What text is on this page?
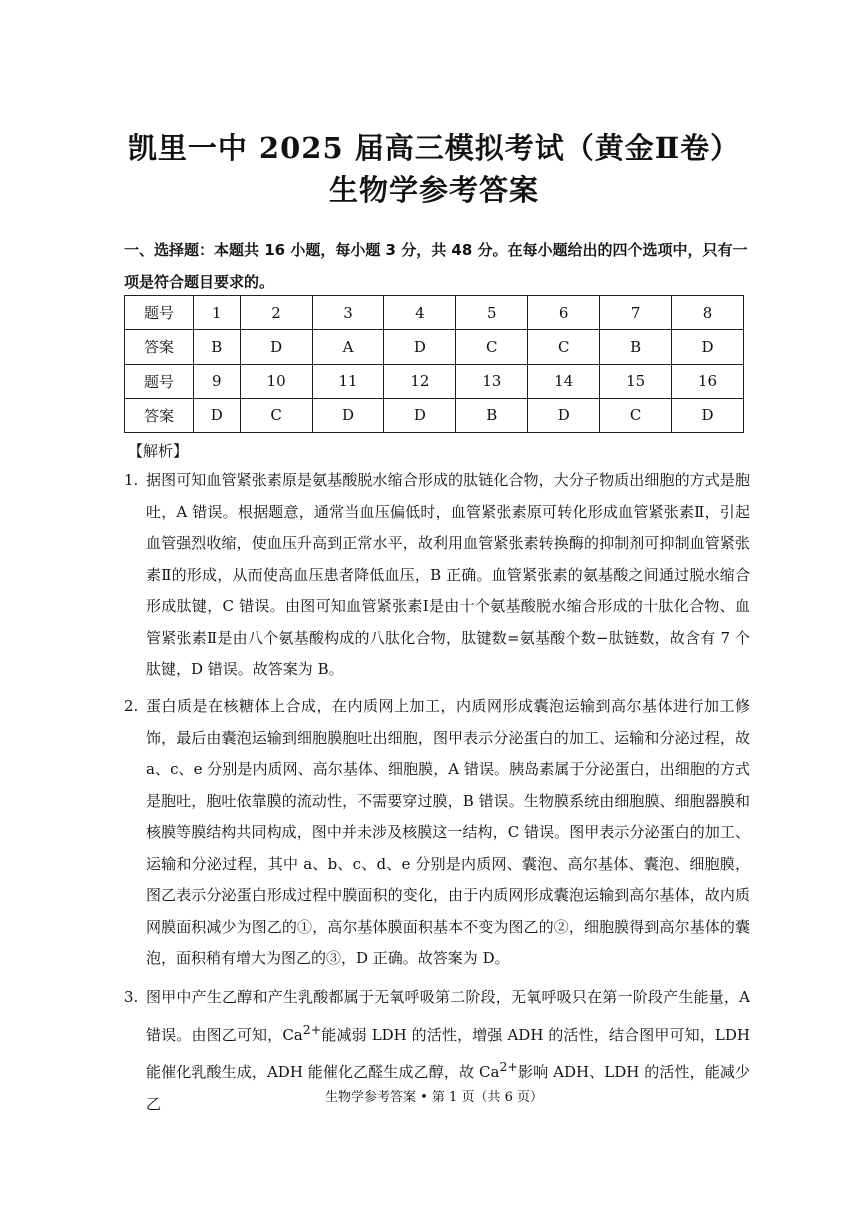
凯里一中 2025 届高三模拟考试（黄金Ⅱ卷）
生物学参考答案
一、选择题：本题共 16 小题，每小题 3 分，共 48 分。在每小题给出的四个选项中，只有一项是符合题目要求的。
题号	1	2	3	4	5	6	7	8
答案	B	D	A	D	C	C	B	D
题号	9	10	11	12	13	14	15	16
答案	D	C	D	D	B	D	C	D
【解析】
1. 据图可知血管紧张素原是氨基酸脱水缩合形成的肽链化合物，大分子物质出细胞的方式是胞吐，A 错误。根据题意，通常当血压偏低时，血管紧张素原可转化形成血管紧张素Ⅱ，引起血管强烈收缩，使血压升高到正常水平，故利用血管紧张素转换酶的抑制剂可抑制血管紧张素Ⅱ的形成，从而使高血压患者降低血压，B 正确。血管紧张素的氨基酸之间通过脱水缩合形成肽键，C 错误。由图可知血管紧张素Ⅰ是由十个氨基酸脱水缩合形成的十肽化合物、血管紧张素Ⅱ是由八个氨基酸构成的八肽化合物，肽键数=氨基酸个数−肽链数，故含有 7 个肽键，D 错误。故答案为 B。
2. 蛋白质是在核糖体上合成，在内质网上加工，内质网形成囊泡运输到高尔基体进行加工修饰，最后由囊泡运输到细胞膜胞吐出细胞，图甲表示分泌蛋白的加工、运输和分泌过程，故 a、c、e 分别是内质网、高尔基体、细胞膜，A 错误。胰岛素属于分泌蛋白，出细胞的方式是胞吐，胞吐依靠膜的流动性，不需要穿过膜，B 错误。生物膜系统由细胞膜、细胞器膜和核膜等膜结构共同构成，图中并未涉及核膜这一结构，C 错误。图甲表示分泌蛋白的加工、运输和分泌过程，其中 a、b、c、d、e 分别是内质网、囊泡、高尔基体、囊泡、细胞膜，图乙表示分泌蛋白形成过程中膜面积的变化，由于内质网形成囊泡运输到高尔基体，故内质网膜面积减少为图乙的①，高尔基体膜面积基本不变为图乙的②，细胞膜得到高尔基体的囊泡，面积稍有增大为图乙的③，D 正确。故答案为 D。
3. 图甲中产生乙醇和产生乳酸都属于无氧呼吸第二阶段，无氧呼吸只在第一阶段产生能量，A 错误。由图乙可知，$Ca^{2+}$能减弱 LDH 的活性，增强 ADH 的活性，结合图甲可知，LDH 能催化乳酸生成，ADH 能催化乙醛生成乙醇，故 $Ca^{2+}$影响 ADH、LDH 的活性，能减少乙	生物学参考答案 • 第 1 页（共 6 页）
